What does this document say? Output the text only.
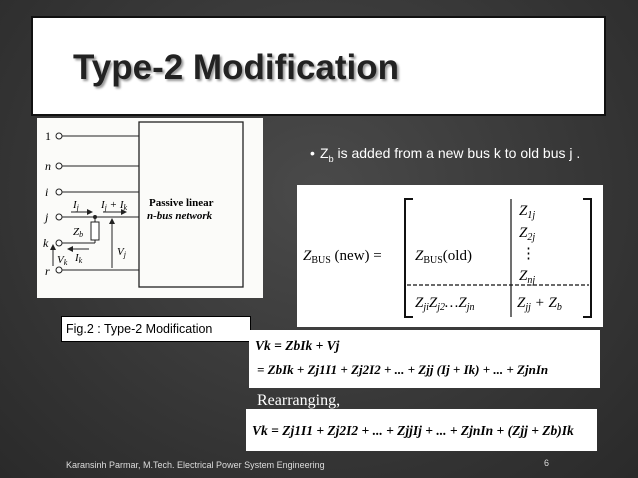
Type-2 Modification
Passive linear
n-bus network
1
n
i
j
k
r
Zb
Ij Ij + Ik
Vj
Vk Ik
• $Z_b$ is added from a new bus k to old bus j .
$Z_{BUS}$ $(new) = Z_{BUS}(old)$
$Z_{1j}$
$Z_{2j}$
⋮
$Z_{nj}$
$Z_{ji}Z_{j2}\dots Z_{jn}$	$Z_{jj} + Z_b$
Fig.2 : Type-2 Modification
Vk = ZbIk + Vj
= ZbIk + Zj1I1 + Zj2I2 + ... + Zjj (Ij + Ik) + ... + ZjnIn
Rearranging,
Vk = Zj1I1 + Zj2I2 + ... + ZjjIj + ... + ZjnIn + (Zjj + Zb)Ik
Karansinh Parmar, M.Tech. Electrical Power System Engineering	6
